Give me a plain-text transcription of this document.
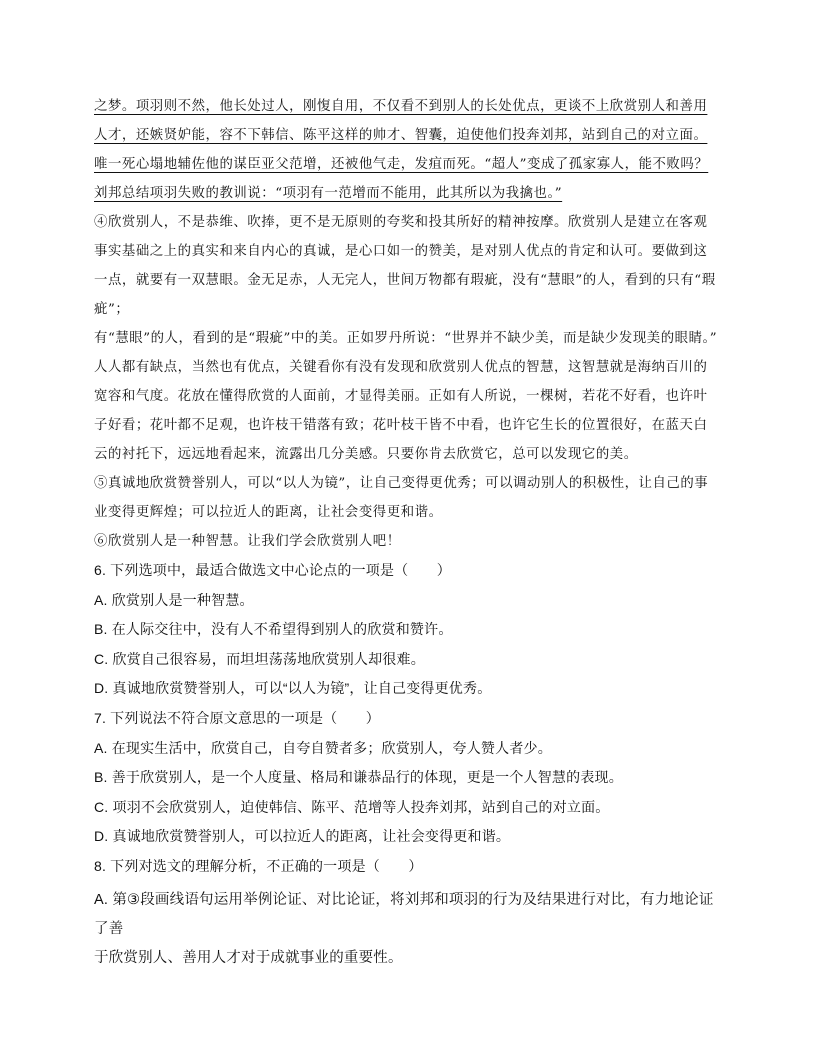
之梦。项羽则不然，他长处过人，刚愎自用，不仅看不到别人的长处优点，更谈不上欣赏别人和善用

人才，还嫉贤妒能，容不下韩信、陈平这样的帅才、智囊，迫使他们投奔刘邦，站到自己的对立面。

唯一死心塌地辅佐他的谋臣亚父范增，还被他气走，发疽而死。“超人”变成了孤家寡人，能不败吗？

刘邦总结项羽失败的教训说：“项羽有一范增而不能用，此其所以为我擒也。”

④欣赏别人，不是恭维、吹捧，更不是无原则的夸奖和投其所好的精神按摩。欣赏别人是建立在客观

事实基础之上的真实和来自内心的真诚，是心口如一的赞美，是对别人优点的肯定和认可。要做到这

一点，就要有一双慧眼。金无足赤，人无完人，世间万物都有瑕疵，没有“慧眼”的人，看到的只有“瑕

疵”；

有“慧眼”的人，看到的是“瑕疵”中的美。正如罗丹所说：“世界并不缺少美，而是缺少发现美的眼睛。”

人人都有缺点，当然也有优点，关键看你有没有发现和欣赏别人优点的智慧，这智慧就是海纳百川的

宽容和气度。花放在懂得欣赏的人面前，才显得美丽。正如有人所说，一棵树，若花不好看，也许叶

子好看；花叶都不足观，也许枝干错落有致；花叶枝干皆不中看，也许它生长的位置很好，在蓝天白

云的衬托下，远远地看起来，流露出几分美感。只要你肯去欣赏它，总可以发现它的美。

⑤真诚地欣赏赞誉别人，可以“以人为镜”，让自己变得更优秀；可以调动别人的积极性，让自己的事

业变得更辉煌；可以拉近人的距离，让社会变得更和谐。

⑥欣赏别人是一种智慧。让我们学会欣赏别人吧！

6. 下列选项中，最适合做选文中心论点的一项是（　　）

A. 欣赏别人是一种智慧。

B. 在人际交往中，没有人不希望得到别人的欣赏和赞许。

C. 欣赏自己很容易，而坦坦荡荡地欣赏别人却很难。

D. 真诚地欣赏赞誉别人，可以“以人为镜”，让自己变得更优秀。

7. 下列说法不符合原文意思的一项是（　　）

A. 在现实生活中，欣赏自己，自夸自赞者多；欣赏别人，夸人赞人者少。

B. 善于欣赏别人，是一个人度量、格局和谦恭品行的体现，更是一个人智慧的表现。

C. 项羽不会欣赏别人，迫使韩信、陈平、范增等人投奔刘邦，站到自己的对立面。

D. 真诚地欣赏赞誉别人，可以拉近人的距离，让社会变得更和谐。

8. 下列对选文的理解分析，不正确的一项是（　　）

A. 第③段画线语句运用举例论证、对比论证，将刘邦和项羽的行为及结果进行对比，有力地论证了善

于欣赏别人、善用人才对于成就事业的重要性。
